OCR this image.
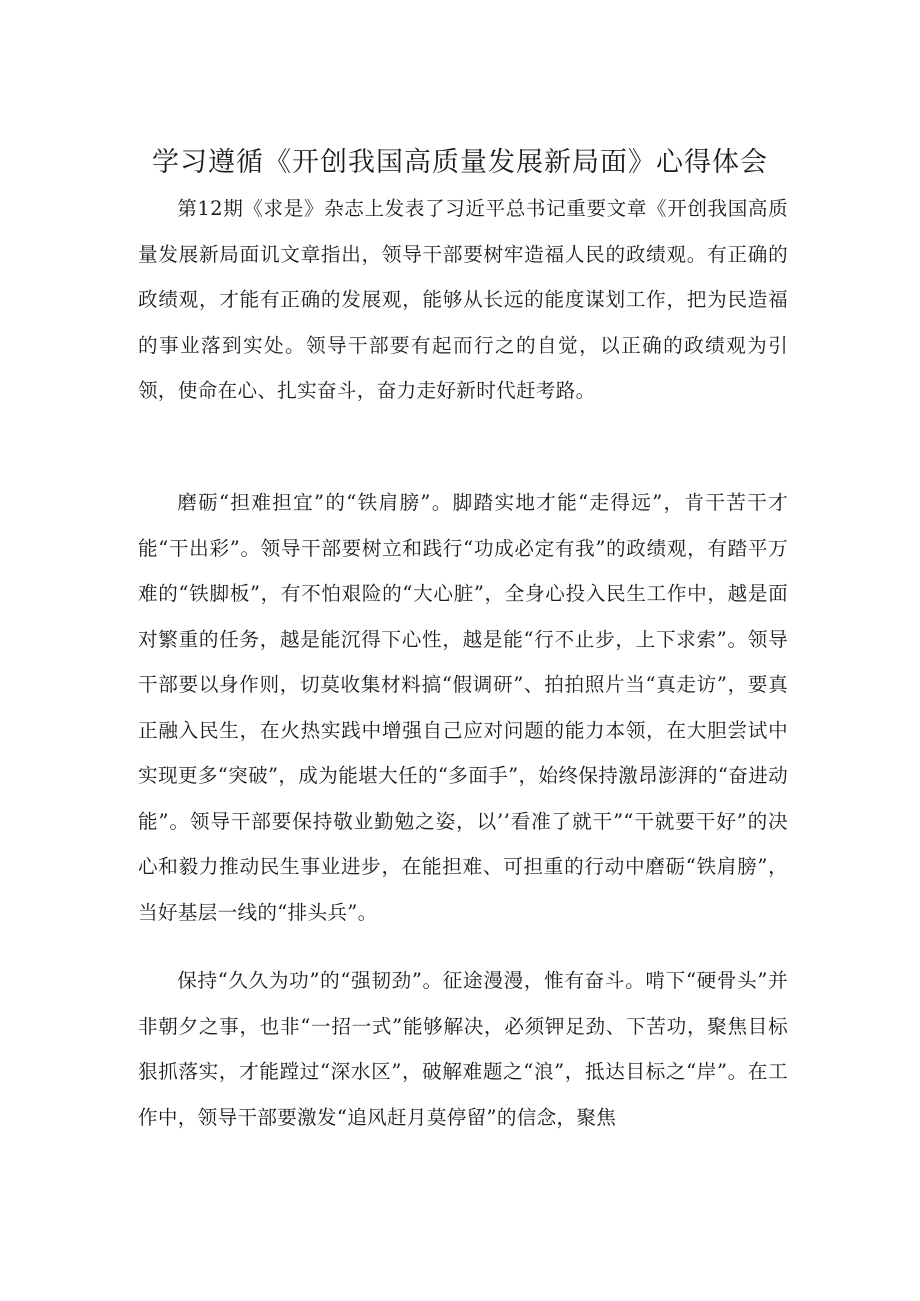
学习遵循《开创我国高质量发展新局面》心得体会

第12期《求是》杂志上发表了习近平总书记重要文章《开创我国高质量发展新局面讥文章指出，领导干部要树牢造福人民的政绩观。有正确的政绩观，才能有正确的发展观，能够从长远的能度谋划工作，把为民造福的事业落到实处。领导干部要有起而行之的自觉，以正确的政绩观为引领，使命在心、扎实奋斗，奋力走好新时代赶考路。

磨砺“担难担宜”的“铁肩膀”。脚踏实地才能“走得远”，肯干苦干才能“干出彩”。领导干部要树立和践行“功成必定有我”的政绩观，有踏平万难的“铁脚板”，有不怕艰险的“大心脏”，全身心投入民生工作中，越是面对繁重的任务，越是能沉得下心性，越是能“行不止步，上下求索”。领导干部要以身作则，切莫收集材料搞“假调研”、拍拍照片当“真走访”，要真正融入民生，在火热实践中增强自己应对问题的能力本领，在大胆尝试中实现更多“突破”，成为能堪大任的“多面手”，始终保持激昂澎湃的“奋进动能”。领导干部要保持敬业勤勉之姿，以’’看准了就干”“干就要干好”的决心和毅力推动民生事业进步，在能担难、可担重的行动中磨砺“铁肩膀”，当好基层一线的“排头兵”。

保持“久久为功”的“强韧劲”。征途漫漫，惟有奋斗。啃下“硬骨头”并非朝夕之事，也非“一招一式”能够解决，必须钾足劲、下苦功，聚焦目标狠抓落实，才能蹚过“深水区”，破解难题之“浪”，抵达目标之“岸”。在工作中，领导干部要激发“追风赶月莫停留”的信念，聚焦
